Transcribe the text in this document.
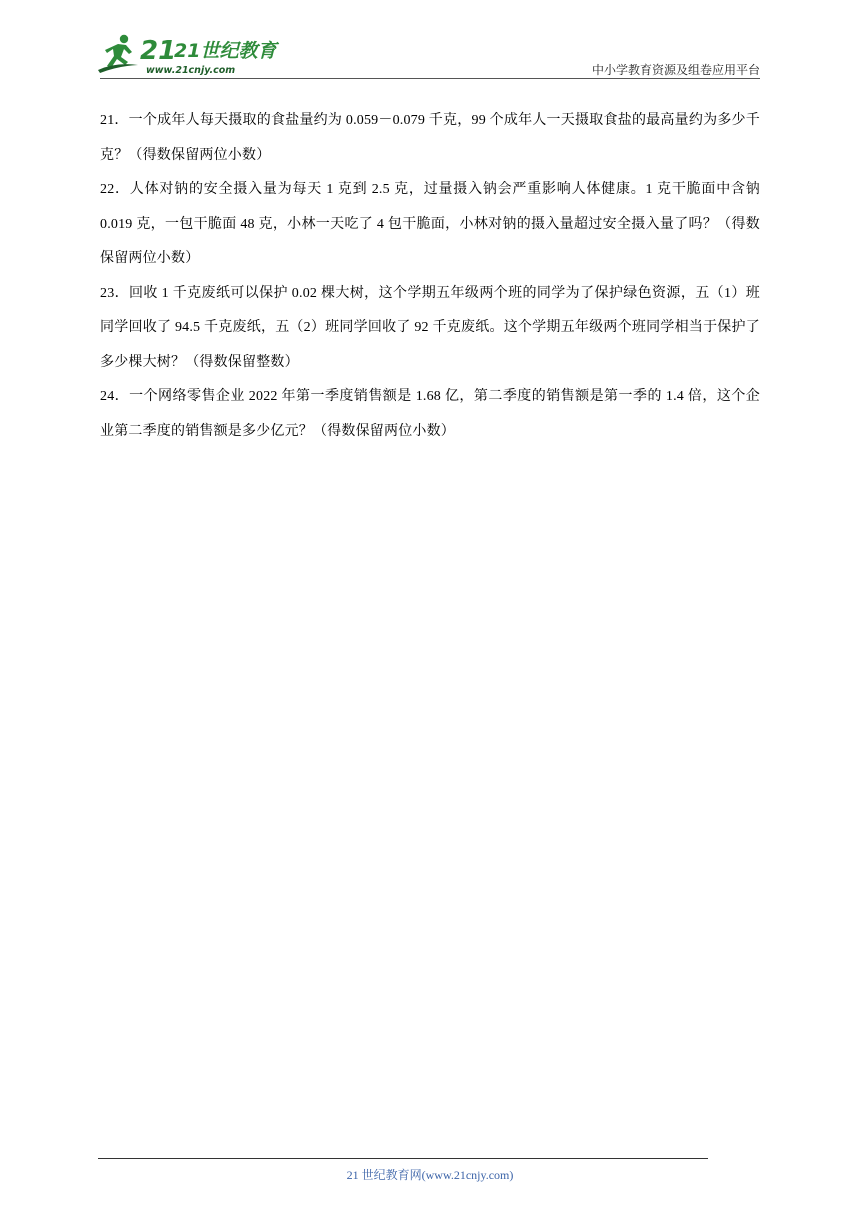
21
21世纪教育
www.21cnjy.com	中小学教育资源及组卷应用平台

21．一个成年人每天摄取的食盐量约为 0.059－0.079 千克，99 个成年人一天摄取食盐的最高量约为多少千克？（得数保留两位小数）

22．人体对钠的安全摄入量为每天 1 克到 2.5 克，过量摄入钠会严重影响人体健康。1 克干脆面中含钠 0.019 克，一包干脆面 48 克，小林一天吃了 4 包干脆面，小林对钠的摄入量超过安全摄入量了吗？（得数保留两位小数）

23．回收 1 千克废纸可以保护 0.02 棵大树，这个学期五年级两个班的同学为了保护绿色资源，五（1）班同学回收了 94.5 千克废纸，五（2）班同学回收了 92 千克废纸。这个学期五年级两个班同学相当于保护了多少棵大树？（得数保留整数）

24．一个网络零售企业 2022 年第一季度销售额是 1.68 亿，第二季度的销售额是第一季的 1.4 倍，这个企业第二季度的销售额是多少亿元？（得数保留两位小数）

21 世纪教育网(www.21cnjy.com)
